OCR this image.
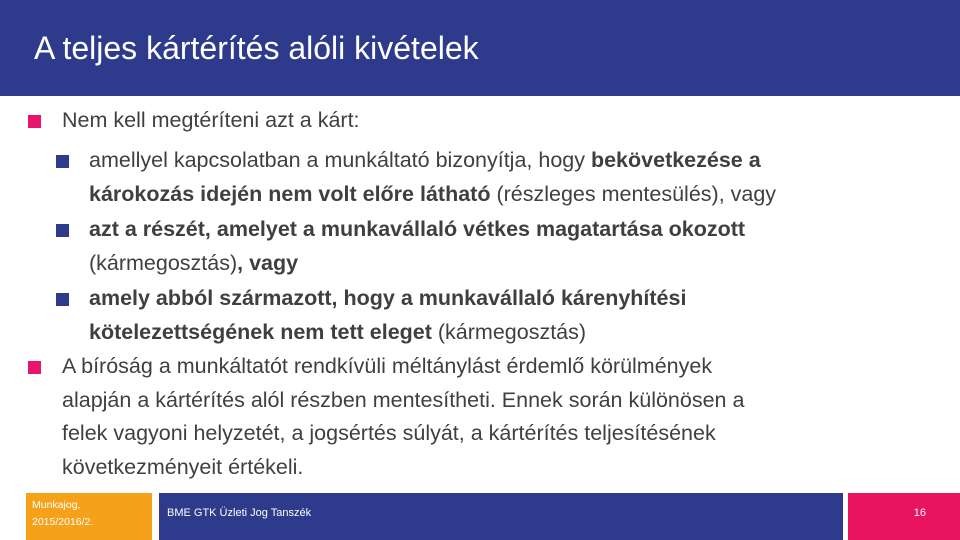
A teljes kártérítés alóli kivételek

Nem kell megtéríteni azt a kárt:

amellyel kapcsolatban a munkáltató bizonyítja, hogy bekövetkezése a
károkozás idején nem volt előre látható (részleges mentesülés), vagy

azt a részét, amelyet a munkavállaló vétkes magatartása okozott
(kármegosztás), vagy

amely abból származott, hogy a munkavállaló kárenyhítési
kötelezettségének nem tett eleget (kármegosztás)

A bíróság a munkáltatót rendkívüli méltánylást érdemlő körülmények
alapján a kártérítés alól részben mentesítheti. Ennek során különösen a
felek vagyoni helyzetét, a jogsértés súlyát, a kártérítés teljesítésének
következményeit értékeli.

Munkajog,
2015/2016/2.
BME GTK Üzleti Jog Tanszék	16
